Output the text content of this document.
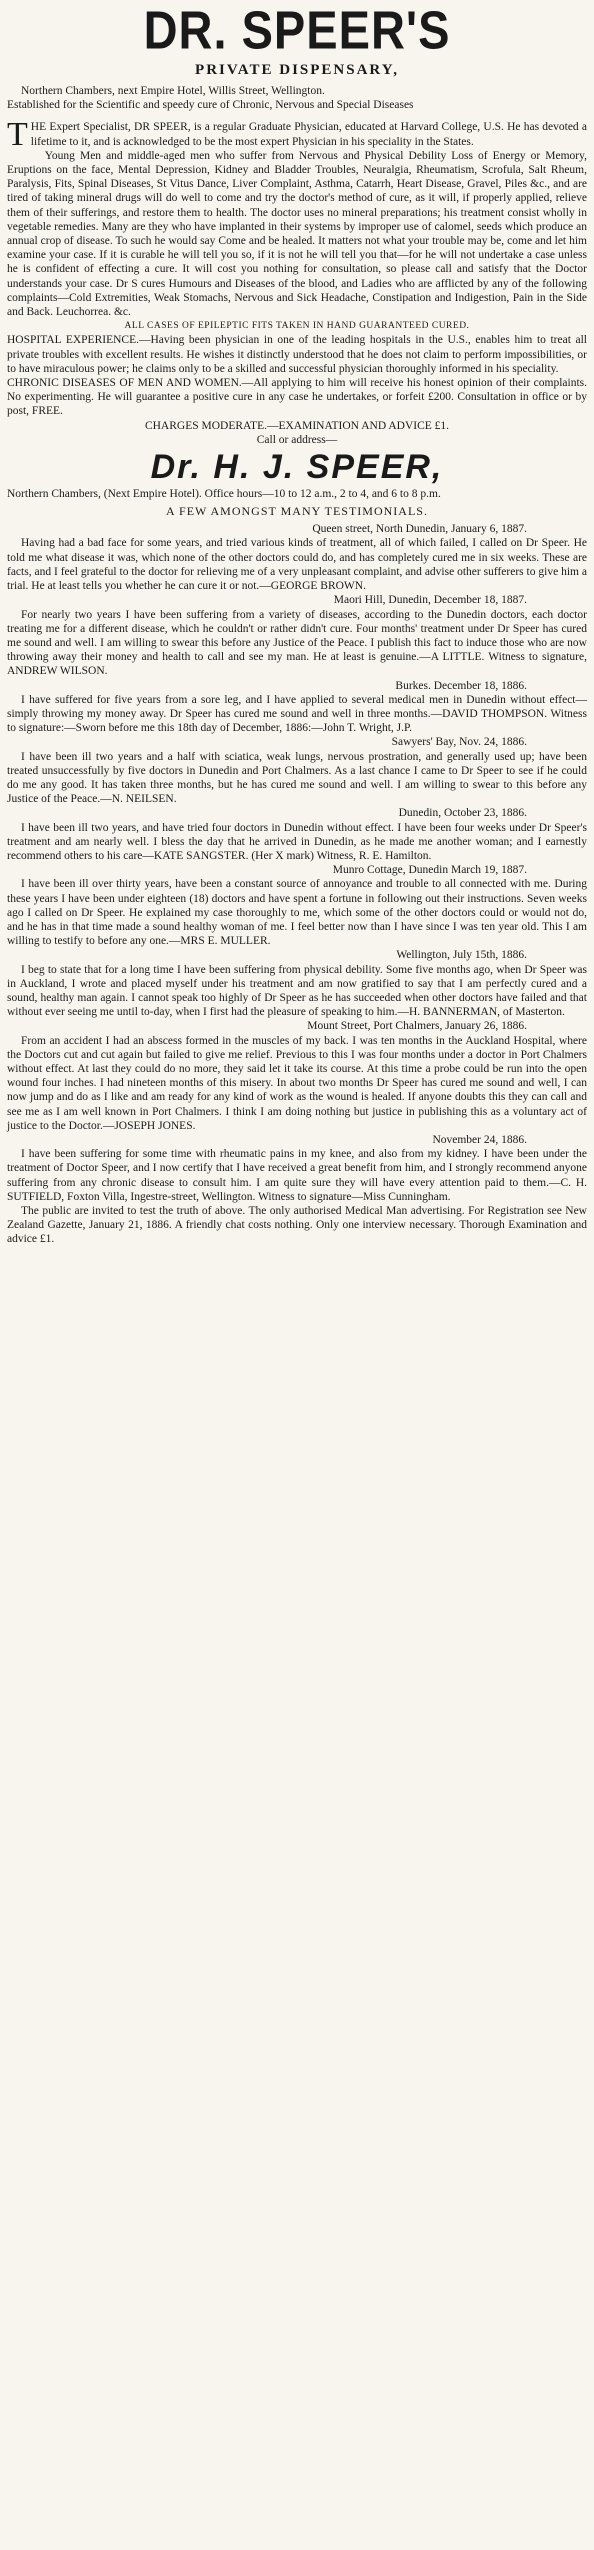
DR. SPEER'S
PRIVATE DISPENSARY,

Northern Chambers, next Empire Hotel, Willis Street, Wellington.

Established for the Scientific and speedy cure of Chronic, Nervous and Special Diseases

THE Expert Specialist, DR SPEER, is a regular Graduate Physician, educated at Harvard College, U.S. He has devoted a lifetime to it, and is acknowledged to be the most expert Physician in his speciality in the States.

Young Men and middle-aged men who suffer from Nervous and Physical Debility Loss of Energy or Memory, Eruptions on the face, Mental Depression, Kidney and Bladder Troubles, Neuralgia, Rheumatism, Scrofula, Salt Rheum, Paralysis, Fits, Spinal Diseases, St Vitus Dance, Liver Complaint, Asthma, Catarrh, Heart Disease, Gravel, Piles &c., and are tired of taking mineral drugs will do well to come and try the doctor's method of cure, as it will, if properly applied, relieve them of their sufferings, and restore them to health. The doctor uses no mineral preparations; his treatment consist wholly in vegetable remedies. Many are they who have implanted in their systems by improper use of calomel, seeds which produce an annual crop of disease. To such he would say Come and be healed. It matters not what your trouble may be, come and let him examine your case. If it is curable he will tell you so, if it is not he will tell you that—for he will not undertake a case unless he is confident of effecting a cure. It will cost you nothing for consultation, so please call and satisfy that the Doctor understands your case. Dr S cures Humours and Diseases of the blood, and Ladies who are afflicted by any of the following complaints—Cold Extremities, Weak Stomachs, Nervous and Sick Headache, Constipation and Indigestion, Pain in the Side and Back. Leuchorrea. &c.

ALL CASES OF EPILEPTIC FITS TAKEN IN HAND GUARANTEED CURED.

HOSPITAL EXPERIENCE.—Having been physician in one of the leading hospitals in the U.S., enables him to treat all private troubles with excellent results. He wishes it distinctly understood that he does not claim to perform impossibilities, or to have miraculous power; he claims only to be a skilled and successful physician thoroughly informed in his speciality.

CHRONIC DISEASES OF MEN AND WOMEN.—All applying to him will receive his honest opinion of their complaints. No experimenting. He will guarantee a positive cure in any case he undertakes, or forfeit £200. Consultation in office or by post, FREE.

CHARGES MODERATE.—EXAMINATION AND ADVICE £1.

Call or address—

Dr. H. J. SPEER,

Northern Chambers, (Next Empire Hotel). Office hours—10 to 12 a.m., 2 to 4, and 6 to 8 p.m.

A FEW AMONGST MANY TESTIMONIALS.

Queen street, North Dunedin, January 6, 1887.

Having had a bad face for some years, and tried various kinds of treatment, all of which failed, I called on Dr Speer. He told me what disease it was, which none of the other doctors could do, and has completely cured me in six weeks. These are facts, and I feel grateful to the doctor for relieving me of a very unpleasant complaint, and advise other sufferers to give him a trial. He at least tells you whether he can cure it or not.—GEORGE BROWN.

Maori Hill, Dunedin, December 18, 1887.

For nearly two years I have been suffering from a variety of diseases, according to the Dunedin doctors, each doctor treating me for a different disease, which he couldn't or rather didn't cure. Four months' treatment under Dr Speer has cured me sound and well. I am willing to swear this before any Justice of the Peace. I publish this fact to induce those who are now throwing away their money and health to call and see my man. He at least is genuine.—A LITTLE. Witness to signature, ANDREW WILSON.

Burkes. December 18, 1886.

I have suffered for five years from a sore leg, and I have applied to several medical men in Dunedin without effect—simply throwing my money away. Dr Speer has cured me sound and well in three months.—DAVID THOMPSON. Witness to signature:—Sworn before me this 18th day of December, 1886:—John T. Wright, J.P.

Sawyers' Bay, Nov. 24, 1886.

I have been ill two years and a half with sciatica, weak lungs, nervous prostration, and generally used up; have been treated unsuccessfully by five doctors in Dunedin and Port Chalmers. As a last chance I came to Dr Speer to see if he could do me any good. It has taken three months, but he has cured me sound and well. I am willing to swear to this before any Justice of the Peace.—N. NEILSEN.

Dunedin, October 23, 1886.

I have been ill two years, and have tried four doctors in Dunedin without effect. I have been four weeks under Dr Speer's treatment and am nearly well. I bless the day that he arrived in Dunedin, as he made me another woman; and I earnestly recommend others to his care—KATE SANGSTER. (Her X mark) Witness, R. E. Hamilton.

Munro Cottage, Dunedin March 19, 1887.

I have been ill over thirty years, have been a constant source of annoyance and trouble to all connected with me. During these years I have been under eighteen (18) doctors and have spent a fortune in following out their instructions. Seven weeks ago I called on Dr Speer. He explained my case thoroughly to me, which some of the other doctors could or would not do, and he has in that time made a sound healthy woman of me. I feel better now than I have since I was ten year old. This I am willing to testify to before any one.—MRS E. MULLER.

Wellington, July 15th, 1886.

I beg to state that for a long time I have been suffering from physical debility. Some five months ago, when Dr Speer was in Auckland, I wrote and placed myself under his treatment and am now gratified to say that I am perfectly cured and a sound, healthy man again. I cannot speak too highly of Dr Speer as he has succeeded when other doctors have failed and that without ever seeing me until to-day, when I first had the pleasure of speaking to him.—H. BANNERMAN, of Masterton.

Mount Street, Port Chalmers, January 26, 1886.

From an accident I had an abscess formed in the muscles of my back. I was ten months in the Auckland Hospital, where the Doctors cut and cut again but failed to give me relief. Previous to this I was four months under a doctor in Port Chalmers without effect. At last they could do no more, they said let it take its course. At this time a probe could be run into the open wound four inches. I had nineteen months of this misery. In about two months Dr Speer has cured me sound and well, I can now jump and do as I like and am ready for any kind of work as the wound is healed. If anyone doubts this they can call and see me as I am well known in Port Chalmers. I think I am doing nothing but justice in publishing this as a voluntary act of justice to the Doctor.—JOSEPH JONES.

November 24, 1886.

I have been suffering for some time with rheumatic pains in my knee, and also from my kidney. I have been under the treatment of Doctor Speer, and I now certify that I have received a great benefit from him, and I strongly recommend anyone suffering from any chronic disease to consult him. I am quite sure they will have every attention paid to them.—C. H. SUTFIELD, Foxton Villa, Ingestre-street, Wellington. Witness to signature—Miss Cunningham.

The public are invited to test the truth of above. The only authorised Medical Man advertising. For Registration see New Zealand Gazette, January 21, 1886. A friendly chat costs nothing. Only one interview necessary. Thorough Examination and advice £1.
